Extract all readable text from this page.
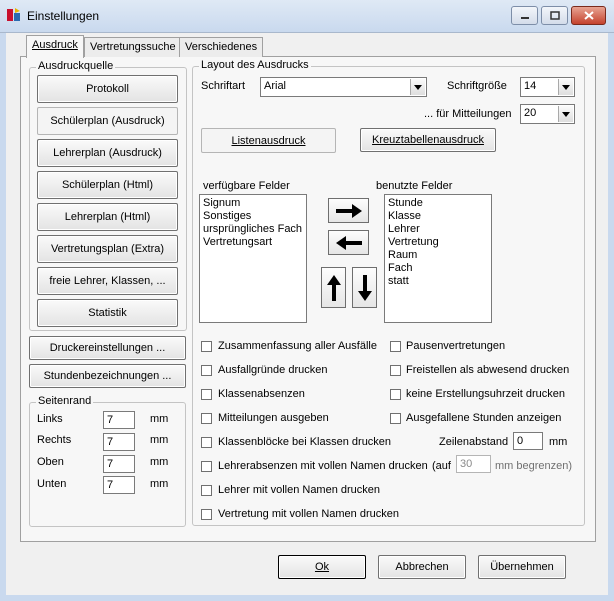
Einstellungen
Ausdruck	Vertretungssuche Verschiedenes
Ausdruckquelle
Protokoll
Schülerplan (Ausdruck)
Lehrerplan (Ausdruck)
Schülerplan (Html)
Lehrerplan (Html)
Vertretungsplan (Extra)
freie Lehrer, Klassen, ...
Statistik
Druckereinstellungen ...
Stundenbezeichnungen ...
Seitenrand
Links	7	mm
Rechts	7	mm
Oben	7	mm
Unten	7	mm
Layout des Ausdrucks
Schriftart	Arial	Schriftgröße	14
... für Mitteilungen	20
Listenausdruck	Kreuztabellenausdruck
verfügbare Felder
Signum
Sonstiges
ursprüngliches Fach
Vertretungsart
benutzte Felder
Stunde
Klasse
Lehrer
Vertretung
Raum
Fach
statt
Zusammenfassung aller Ausfälle
Ausfallgründe drucken
Klassenabsenzen
Mitteilungen ausgeben
Klassenblöcke bei Klassen drucken
Lehrerabsenzen mit vollen Namen drucken
Lehrer mit vollen Namen drucken
Vertretung mit vollen Namen drucken
Pausenvertretungen
Freistellen als abwesend drucken
keine Erstellungsuhrzeit drucken
Ausgefallene Stunden anzeigen
Zeilenabstand 0	mm
(auf 30	mm begrenzen)
Ok	Abbrechen	Übernehmen
